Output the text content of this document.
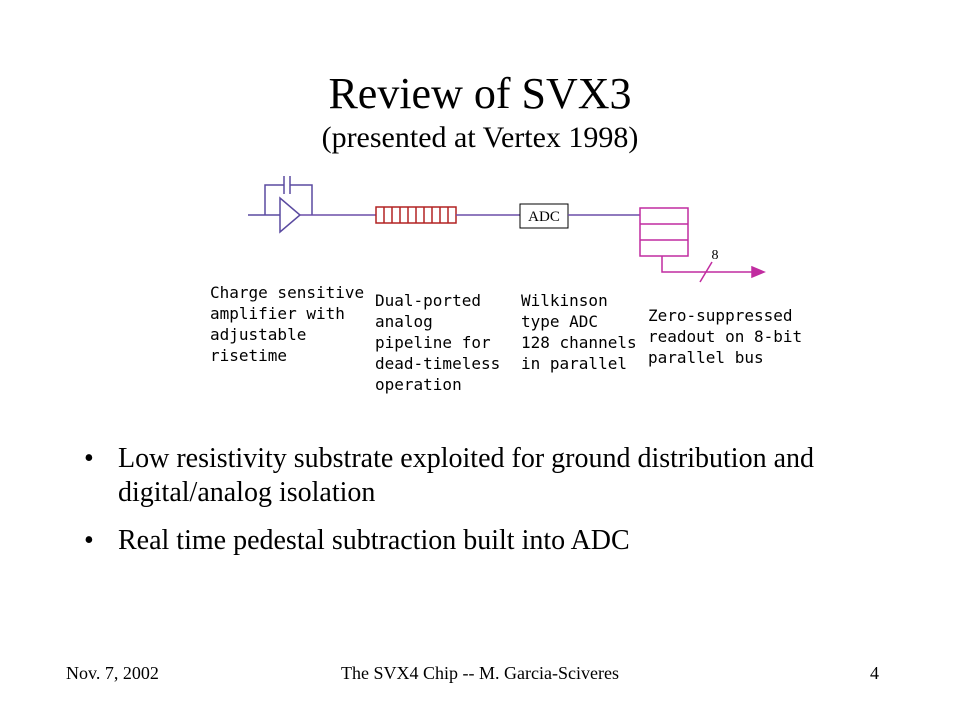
Review of SVX3
(presented at Vertex 1998)
ADC
8
Charge sensitive
amplifier with
adjustable
risetime
Dual-ported
analog
pipeline for
dead-timeless
operation
Wilkinson
type ADC
128 channels
in parallel
Zero-suppressed
readout on 8-bit
parallel bus
• Low resistivity substrate exploited for ground distribution and digital/analog isolation
• Real time pedestal subtraction built into ADC
Nov. 7, 2002	The SVX4 Chip -- M. Garcia-Sciveres	4
